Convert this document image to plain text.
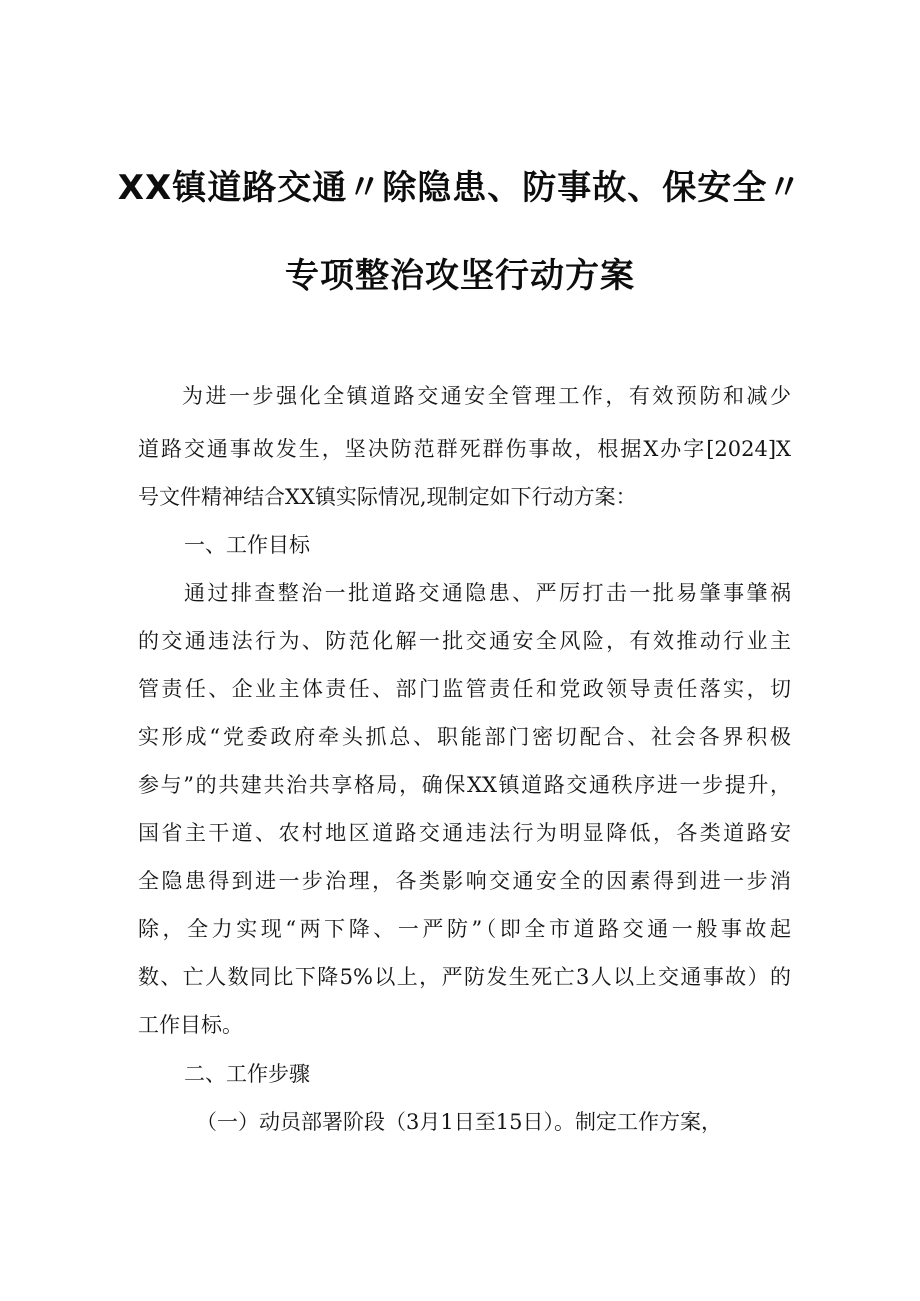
XX镇道路交通〃除隐患、防事故、保安全〃
专项整治攻坚行动方案
为进一步强化全镇道路交通安全管理工作，有效预防和减少
道路交通事故发生，坚决防范群死群伤事故，根据X办字[2024]X
号文件精神结合XX镇实际情况,现制定如下行动方案：
一、工作目标
通过排查整治一批道路交通隐患、严厉打击一批易肇事肇祸
的交通违法行为、防范化解一批交通安全风险，有效推动行业主
管责任、企业主体责任、部门监管责任和党政领导责任落实，切
实形成“党委政府牵头抓总、职能部门密切配合、社会各界积极
参与”的共建共治共享格局，确保XX镇道路交通秩序进一步提升，
国省主干道、农村地区道路交通违法行为明显降低，各类道路安
全隐患得到进一步治理，各类影响交通安全的因素得到进一步消
除，全力实现“两下降、一严防”（即全市道路交通一般事故起
数、亡人数同比下降5%以上，严防发生死亡3人以上交通事故）的
工作目标。
二、工作步骤
（一）动员部署阶段（3月1日至15日）。制定工作方案，
